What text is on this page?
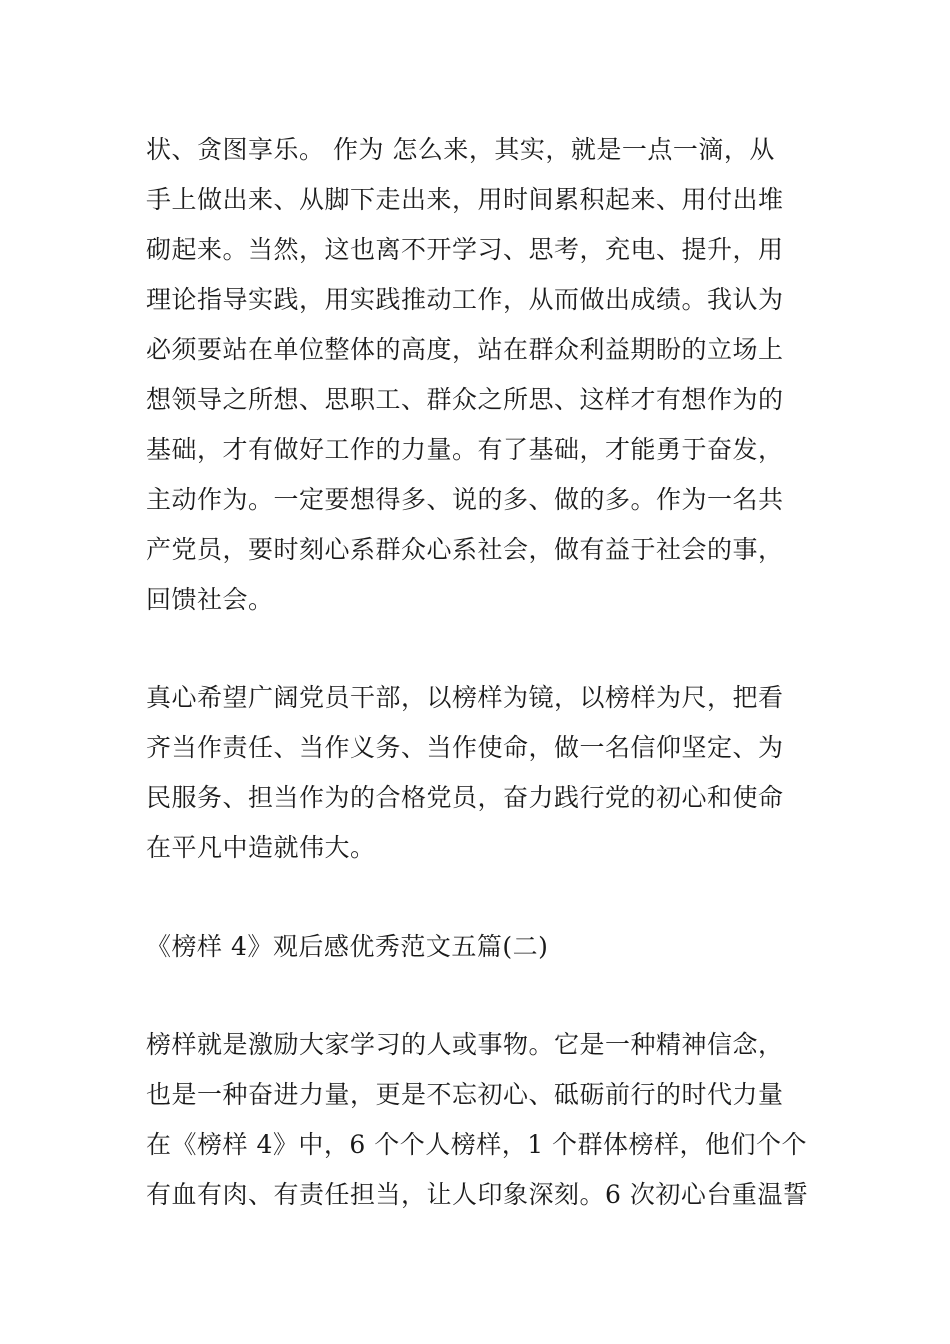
状、贪图享乐。 作为 怎么来，其实，就是一点一滴，从
手上做出来、从脚下走出来，用时间累积起来、用付出堆
砌起来。当然，这也离不开学习、思考，充电、提升，用
理论指导实践，用实践推动工作，从而做出成绩。我认为
必须要站在单位整体的高度，站在群众利益期盼的立场上
想领导之所想、思职工、群众之所思、这样才有想作为的
基础，才有做好工作的力量。有了基础，才能勇于奋发，
主动作为。一定要想得多、说的多、做的多。作为一名共
产党员，要时刻心系群众心系社会，做有益于社会的事，
回馈社会。
真心希望广阔党员干部，以榜样为镜，以榜样为尺，把看
齐当作责任、当作义务、当作使命，做一名信仰坚定、为
民服务、担当作为的合格党员，奋力践行党的初心和使命
在平凡中造就伟大。
《榜样 4》观后感优秀范文五篇(二)
榜样就是激励大家学习的人或事物。它是一种精神信念，
也是一种奋进力量，更是不忘初心、砥砺前行的时代力量
在《榜样 4》中，6 个个人榜样，1 个群体榜样，他们个个
有血有肉、有责任担当，让人印象深刻。6 次初心台重温誓
